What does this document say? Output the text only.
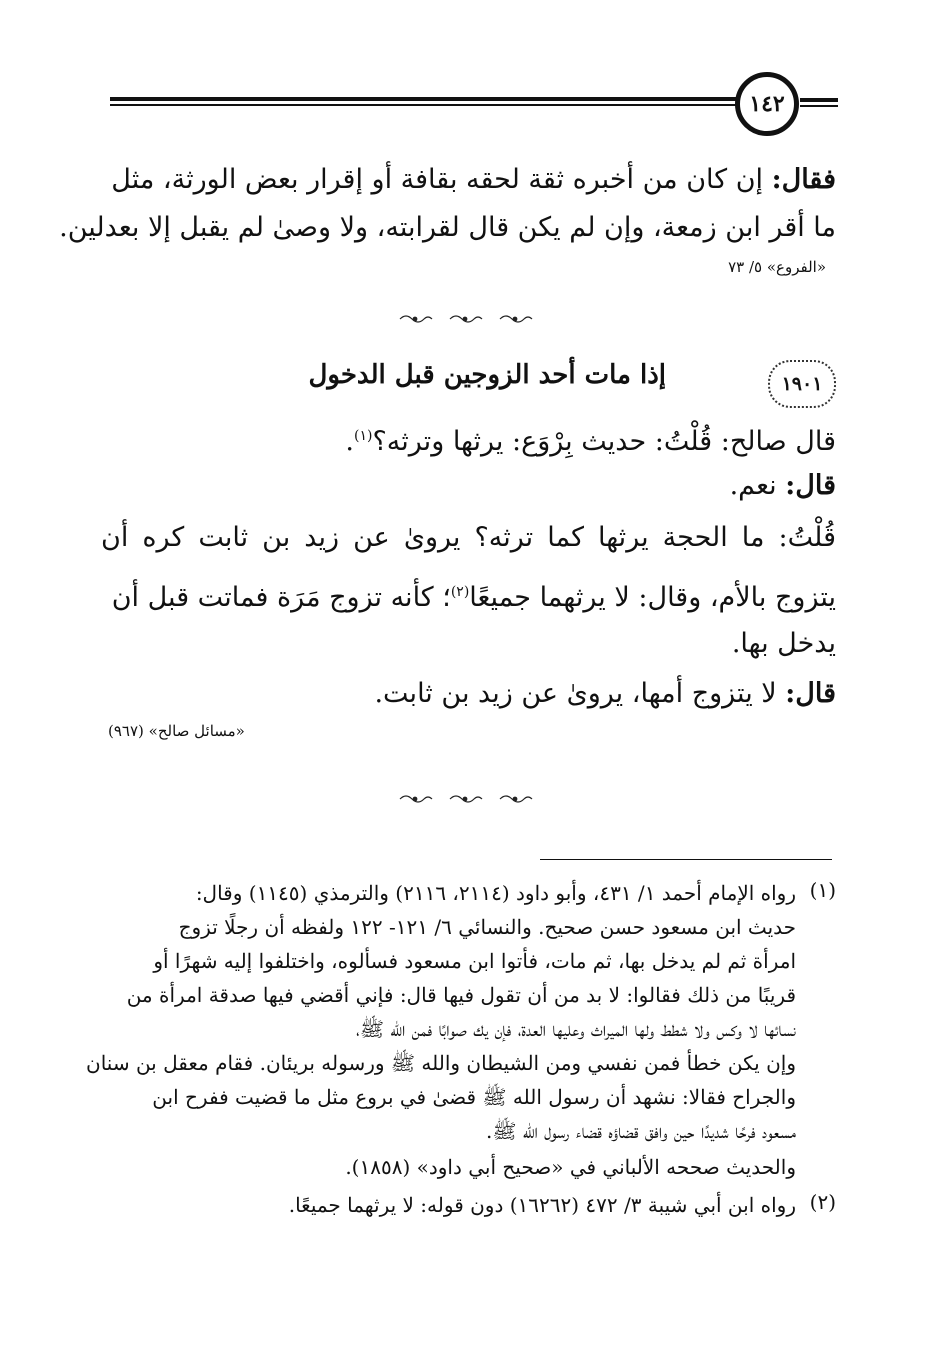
١٤٢
فقال: إن كان من أخبره ثقة لحقه بقافة أو إقرار بعض الورثة، مثل
ما أقر ابن زمعة، وإن لم يكن قال لقرابته، ولا وصىٰ لم يقبل إلا بعدلين.
«الفروع» ٥/ ٧٣
١٩٠١
إذا مات أحد الزوجين قبل الدخول
قال صالح: قُلْتُ: حديث بِرْوَع: يرثها وترثه؟$^{(١)}$.
قال: نعم.
قُلْتُ: ما الحجة يرثها كما ترثه؟ يروىٰ عن زيد بن ثابت كره أن
يتزوج بالأم، وقال: لا يرثهما جميعًا$^{(٢)}$؛ كأنه تزوج مَرَة فماتت قبل أن
يدخل بها.
قال: لا يتزوج أمها، يروىٰ عن زيد بن ثابت.
«مسائل صالح» (٩٦٧)
(١)
رواه الإمام أحمد ١/ ٤٣١، وأبو داود (٢١١٤، ٢١١٦) والترمذي (١١٤٥) وقال:
حديث ابن مسعود حسن صحيح. والنسائي ٦/ ١٢١- ١٢٢ ولفظه أن رجلًا تزوج
امرأة ثم لم يدخل بها، ثم مات، فأتوا ابن مسعود فسألوه، واختلفوا إليه شهرًا أو
قريبًا من ذلك فقالوا: لا بد من أن تقول فيها قال: فإني أقضي فيها صدقة امرأة من
نسائها لا وكس ولا شطط ولها الميراث وعليها العدة، فإن يك صوابًا فمن الله ﷺ،
وإن يكن خطأ فمن نفسي ومن الشيطان والله ﷺ ورسوله بريئان. فقام معقل بن سنان
والجراح فقالا: نشهد أن رسول الله ﷺ قضىٰ في بروع مثل ما قضيت ففرح ابن
مسعود فرحًا شديدًا حين وافق قضاؤه قضاء رسول الله ﷺ.
والحديث صححه الألباني في «صحيح أبي داود» (١٨٥٨).
(٢)
رواه ابن أبي شيبة ٣/ ٤٧٢ (١٦٢٦٢) دون قوله: لا يرثهما جميعًا.
